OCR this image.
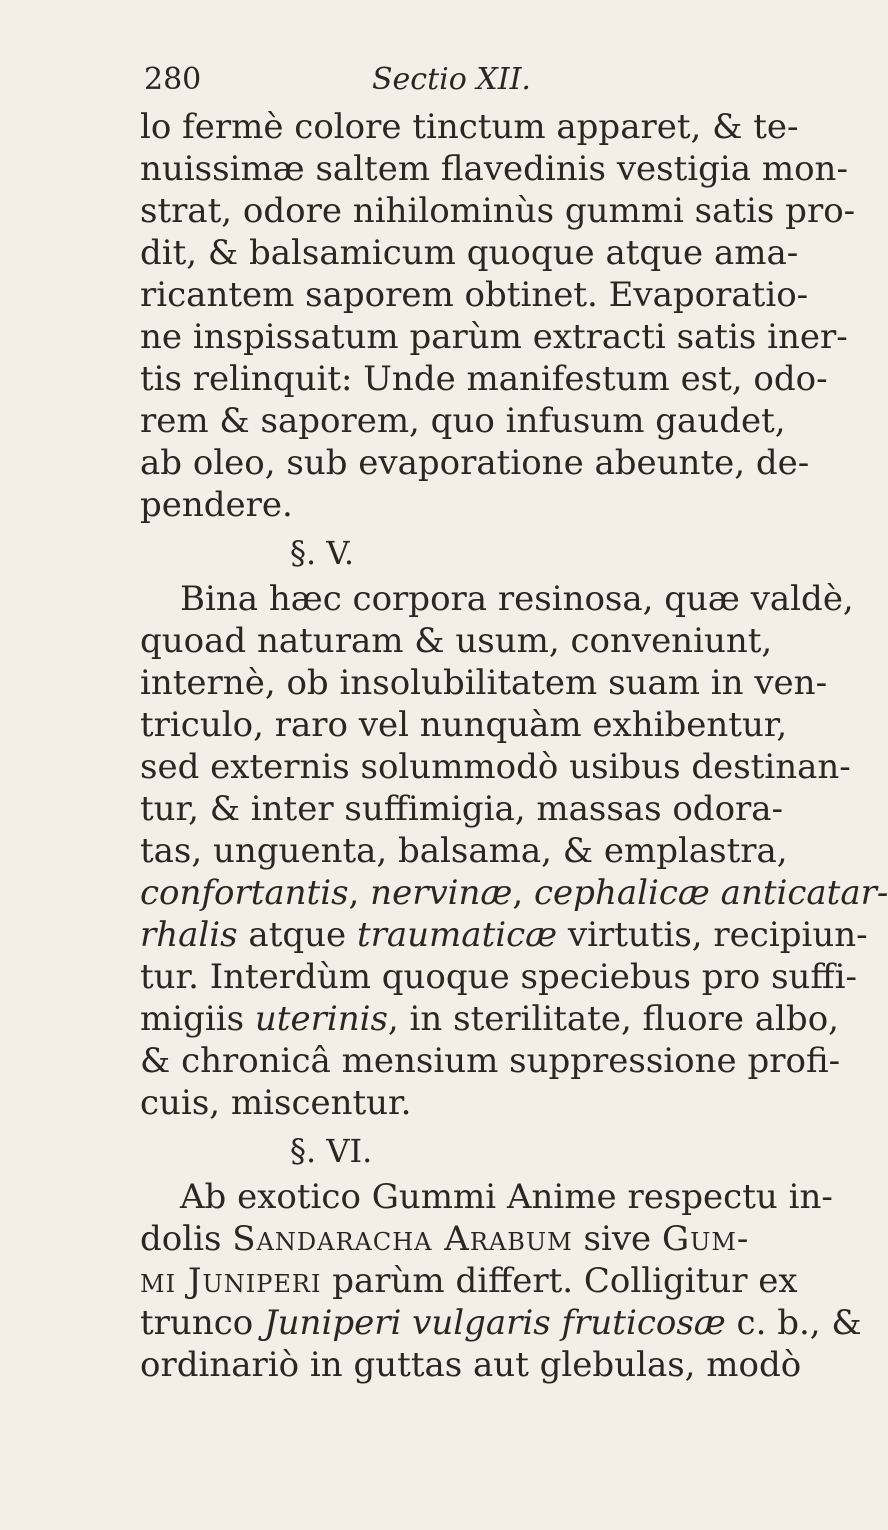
280	Sectio XII.
lo fermè colore tinctum apparet, & te-
nuissimæ saltem flavedinis vestigia mon-
strat, odore nihilominùs gummi satis pro-
dit, & balsamicum quoque atque ama-
ricantem saporem obtinet. Evaporatio-
ne inspissatum parùm extracti satis iner-
tis relinquit: Unde manifestum est, odo-
rem & saporem, quo infusum gaudet,
ab oleo, sub evaporatione abeunte, de-
pendere.
§. V.
Bina hæc corpora resinosa, quæ valdè,
quoad naturam & usum, conveniunt,
internè, ob insolubilitatem suam in ven-
triculo, raro vel nunquàm exhibentur,
sed externis solummodò usibus destinan-
tur, & inter suffimigia, massas odora-
tas, unguenta, balsama, & emplastra,
confortantis, nervinæ, cephalicæ anticatar-
rhalis atque traumaticæ virtutis, recipiun-
tur. Interdùm quoque speciebus pro suffi-
migiis uterinis, in sterilitate, fluore albo,
& chronicâ mensium suppressione profi-
cuis, miscentur.
§. VI.
Ab exotico Gummi Anime respectu in-
dolis Sandaracha Arabum sive Gum-
mi Juniperi parùm differt. Colligitur ex
trunco Juniperi vulgaris fruticosæ c. b., &
ordinariò in guttas aut glebulas, modò
